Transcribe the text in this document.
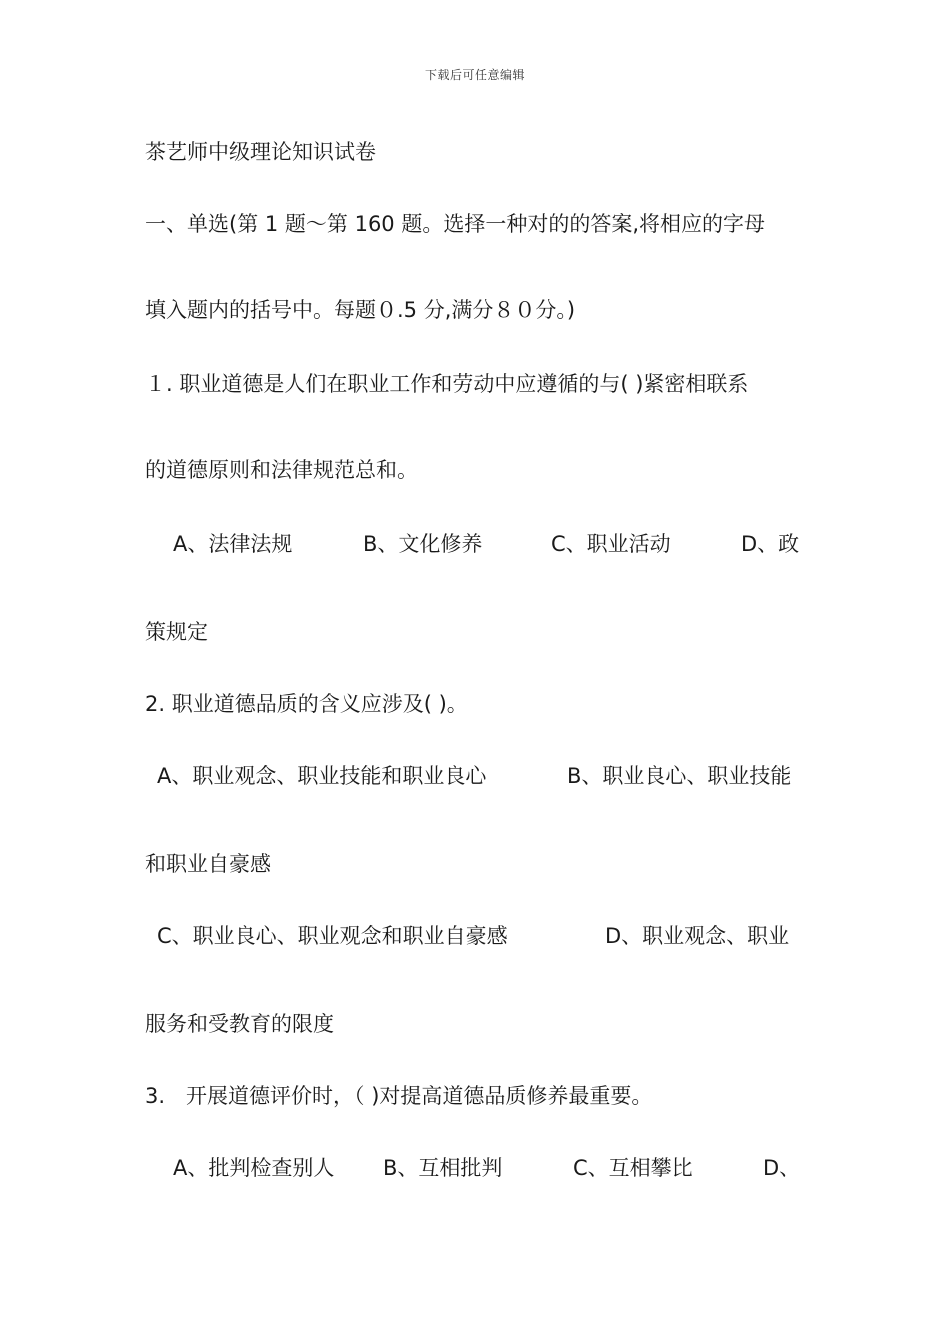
下载后可任意编辑
茶艺师中级理论知识试卷
一、单选(第 1 题～第 160 题。选择一种对的的答案,将相应的字母
填入题内的括号中。每题０.5 分,满分８０分。)
１. 职业道德是人们在职业工作和劳动中应遵循的与( )紧密相联系
的道德原则和法律规范总和。
A、法律法规	B、文化修养	C、职业活动	D、政
策规定
2. 职业道德品质的含义应涉及( )。
A、职业观念、职业技能和职业良心	B、职业良心、职业技能
和职业自豪感
C、职业良心、职业观念和职业自豪感	D、职业观念、职业
服务和受教育的限度
3.　开展道德评价时，（ )对提高道德品质修养最重要。
A、批判检查别人 B、互相批判	C、互相攀比	D、
